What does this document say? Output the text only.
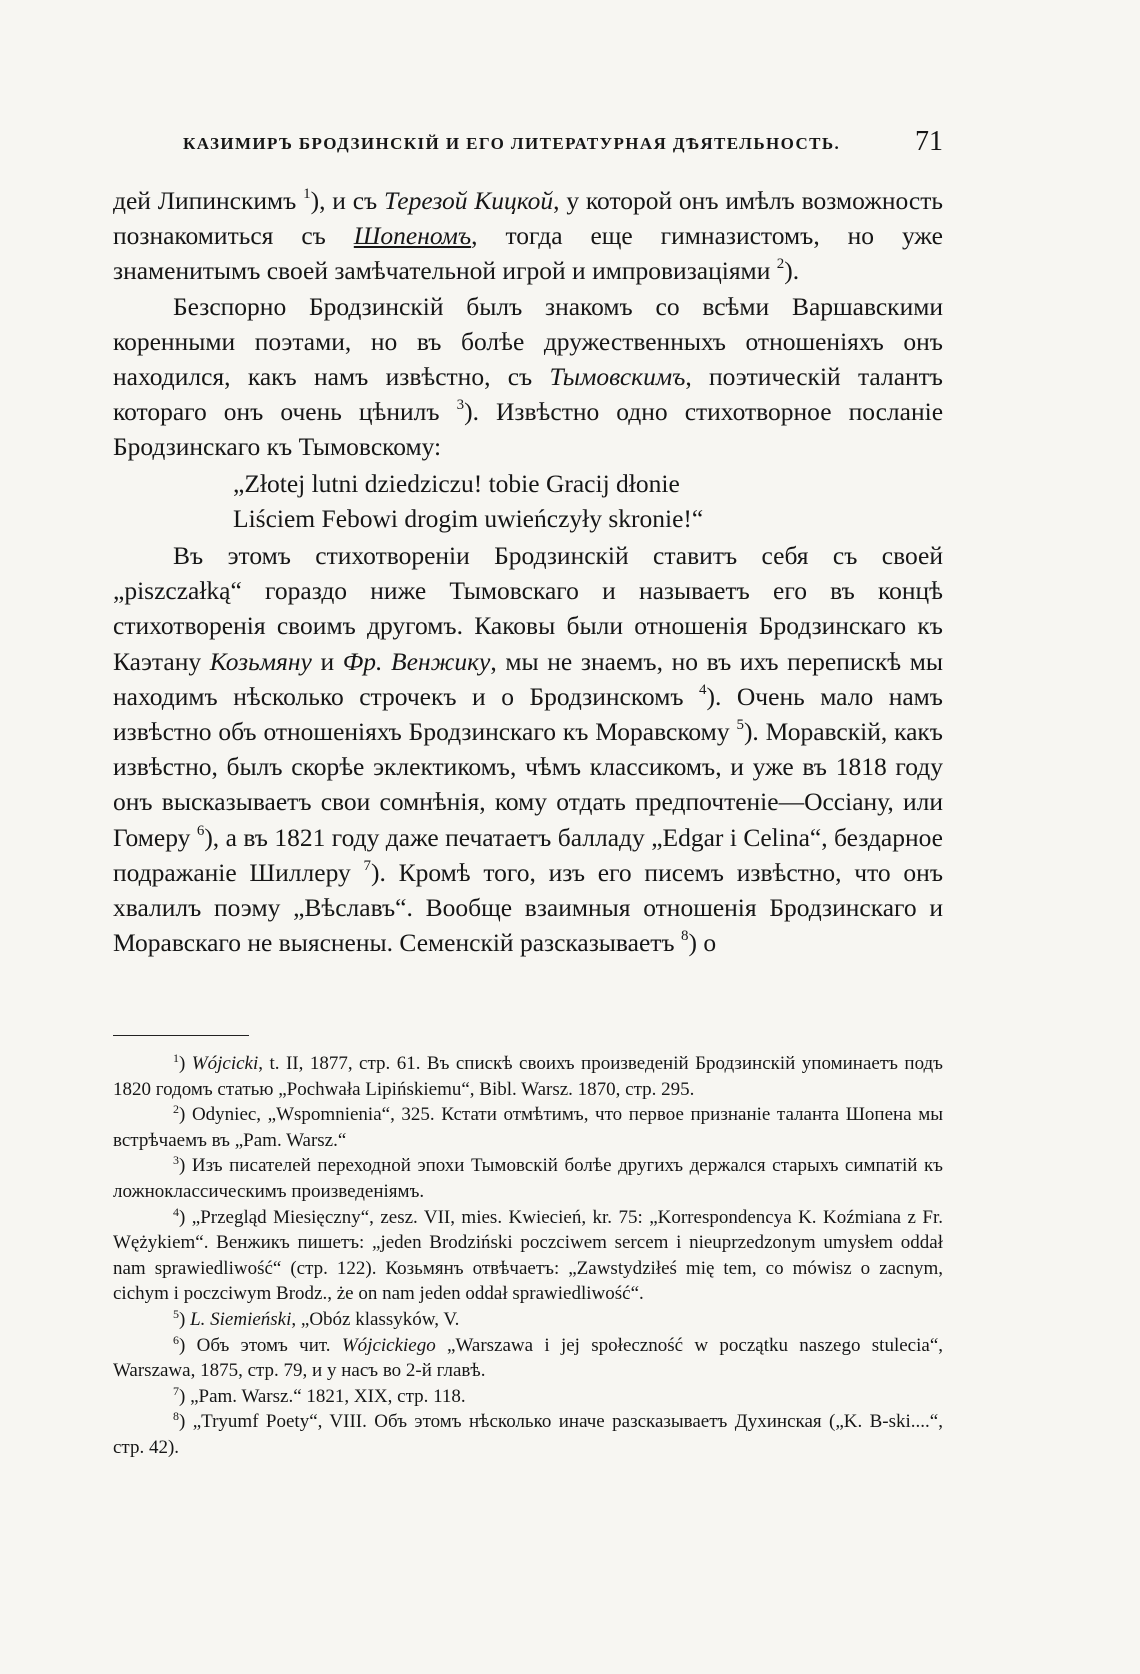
КАЗИМИРЪ БРОДЗИНСКІЙ И ЕГО ЛИТЕРАТУРНАЯ ДѢЯТЕЛЬНОСТЬ.	71

дей Липинскимъ $^1$), и съ Терезой Кицкой, у которой онъ имѣлъ возможность познакомиться съ Шопеномъ, тогда еще гимназистомъ, но уже знаменитымъ своей замѣчательной игрой и импровизаціями $^2$).

Безспорно Бродзинскій былъ знакомъ со всѣми Варшавскими коренными поэтами, но въ болѣе дружественныхъ отношеніяхъ онъ находился, какъ намъ извѣстно, съ Тымовскимъ, поэтическій талантъ котораго онъ очень цѣнилъ $^3$). Извѣстно одно стихотворное посланіе Бродзинскаго къ Тымовскому:

„Złotej lutni dziedziczu! tobie Gracij dłonie
Liściem Febowi drogim uwieńczyły skronie!“

Въ этомъ стихотвореніи Бродзинскій ставитъ себя съ своей „piszczałką“ гораздо ниже Тымовскаго и называетъ его въ концѣ стихотворенія своимъ другомъ. Каковы были отношенія Бродзинскаго къ Каэтану Козьмяну и Фр. Венжику, мы не знаемъ, но въ ихъ перепискѣ мы находимъ нѣсколько строчекъ и о Бродзинскомъ $^4$). Очень мало намъ извѣстно объ отношеніяхъ Бродзинскаго къ Моравскому $^5$). Моравскій, какъ извѣстно, былъ скорѣе эклектикомъ, чѣмъ классикомъ, и уже въ 1818 году онъ высказываетъ свои сомнѣнія, кому отдать предпочтеніе—Оссіану, или Гомеру $^6$), а въ 1821 году даже печатаетъ балладу „Edgar i Celina“, бездарное подражаніе Шиллеру $^7$). Кромѣ того, изъ его писемъ извѣстно, что онъ хвалилъ поэму „Вѣславъ“. Вообще взаимныя отношенія Бродзинскаго и Моравскаго не выяснены. Семенскій разсказываетъ $^8$) о

$^1$) Wójcicki, t. II, 1877, стр. 61. Въ спискѣ своихъ произведеній Бродзинскій упоминаетъ подъ 1820 годомъ статью „Pochwała Lipińskiemu“, Bibl. Warsz. 1870, стр. 295.

$^2$) Odyniec, „Wspomnienia“, 325. Кстати отмѣтимъ, что первое признаніе таланта Шопена мы встрѣчаемъ въ „Pam. Warsz.“

$^3$) Изъ писателей переходной эпохи Тымовскій болѣе другихъ держался старыхъ симпатій къ ложноклассическимъ произведеніямъ.

$^4$) „Przegląd Miesięczny“, zesz. VII, mies. Kwiecień, kr. 75: „Korrespondencya K. Koźmiana z Fr. Wężykiem“. Венжикъ пишетъ: „jeden Brodziński poczciwem sercem i nieuprzedzonym umysłem oddał nam sprawiedliwość“ (стр. 122). Козьмянъ отвѣчаетъ: „Zawstydziłeś mię tem, co mówisz o zacnym, cichym i poczciwym Brodz., że on nam jeden oddał sprawiedliwość“.

$^5$) L. Siemieński, „Obóz klassyków, V.

$^6$) Объ этомъ чит. Wójcickiego „Warszawa i jej społeczność w początku naszego stulecia“, Warszawa, 1875, стр. 79, и у насъ во 2-й главѣ.

$^7$) „Pam. Warsz.“ 1821, XIX, стр. 118.

$^8$) „Tryumf Poety“, VIII. Объ этомъ нѣсколько иначе разсказываетъ Духинская („K. B-ski....“, стр. 42).
